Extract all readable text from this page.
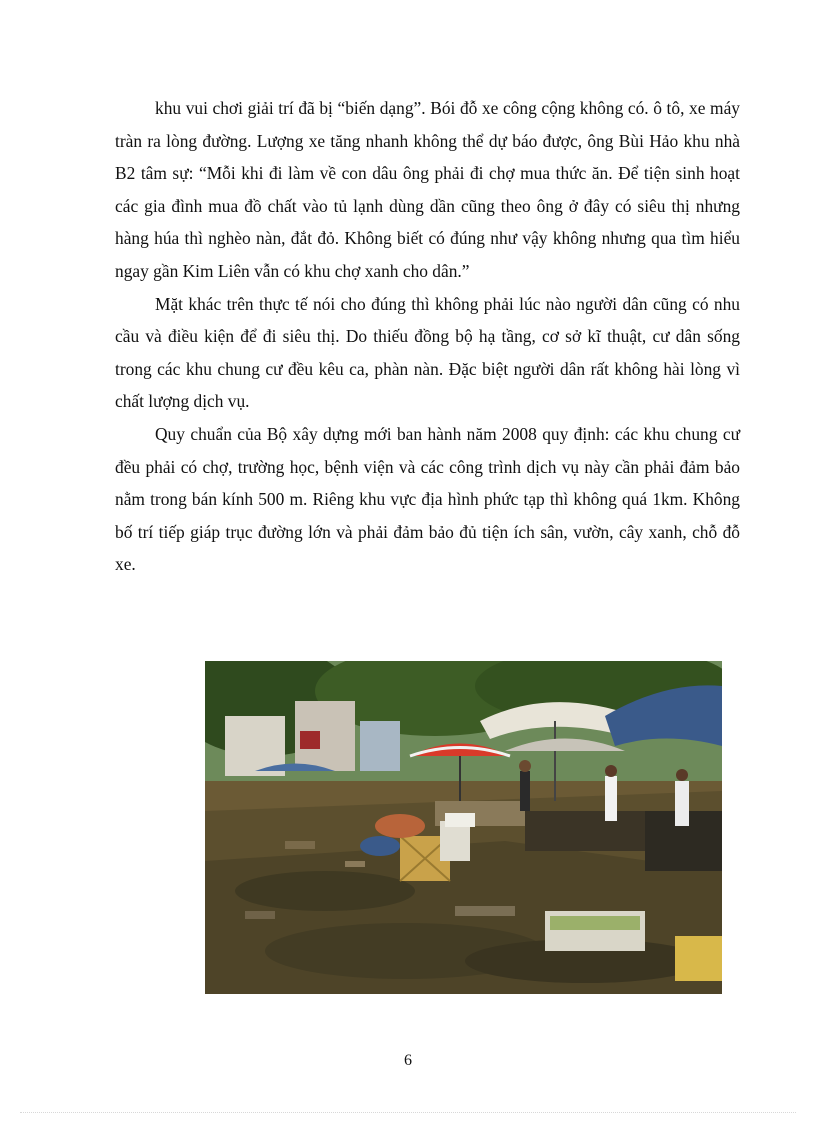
khu vui chơi giải trí đã bị “biến dạng”. Bói đỗ xe công cộng không có. ô tô, xe máy tràn ra lòng đường. Lượng xe tăng nhanh không thể dự báo được, ông Bùi Hảo khu nhà B2 tâm sự: “Mỗi khi đi làm về con dâu ông phải đi chợ mua thức ăn. Để tiện sinh hoạt các gia đình mua đồ chất vào tủ lạnh dùng dần cũng theo ông ở đây có siêu thị nhưng hàng húa thì nghèo nàn, đắt đỏ. Không biết có đúng như vậy không nhưng qua tìm hiểu ngay gần Kim Liên vẫn có khu chợ xanh cho dân.”

Mặt khác trên thực tế nói cho đúng thì không phải lúc nào người dân cũng có nhu cầu và điều kiện để đi siêu thị. Do thiếu đồng bộ hạ tầng, cơ sở kĩ thuật, cư dân sống trong các khu chung cư đều kêu ca, phàn nàn. Đặc biệt người dân rất không hài lòng vì chất lượng dịch vụ.

Quy chuẩn của Bộ xây dựng mới ban hành năm 2008 quy định: các khu chung cư đều phải có chợ, trường học, bệnh viện và các công trình dịch vụ này cần phải đảm bảo nằm trong bán kính 500 m. Riêng khu vực địa hình phức tạp thì không quá 1km. Không bố trí tiếp giáp trục đường lớn và phải đảm bảo đủ tiện ích sân, vườn, cây xanh, chỗ đỗ xe.

6
